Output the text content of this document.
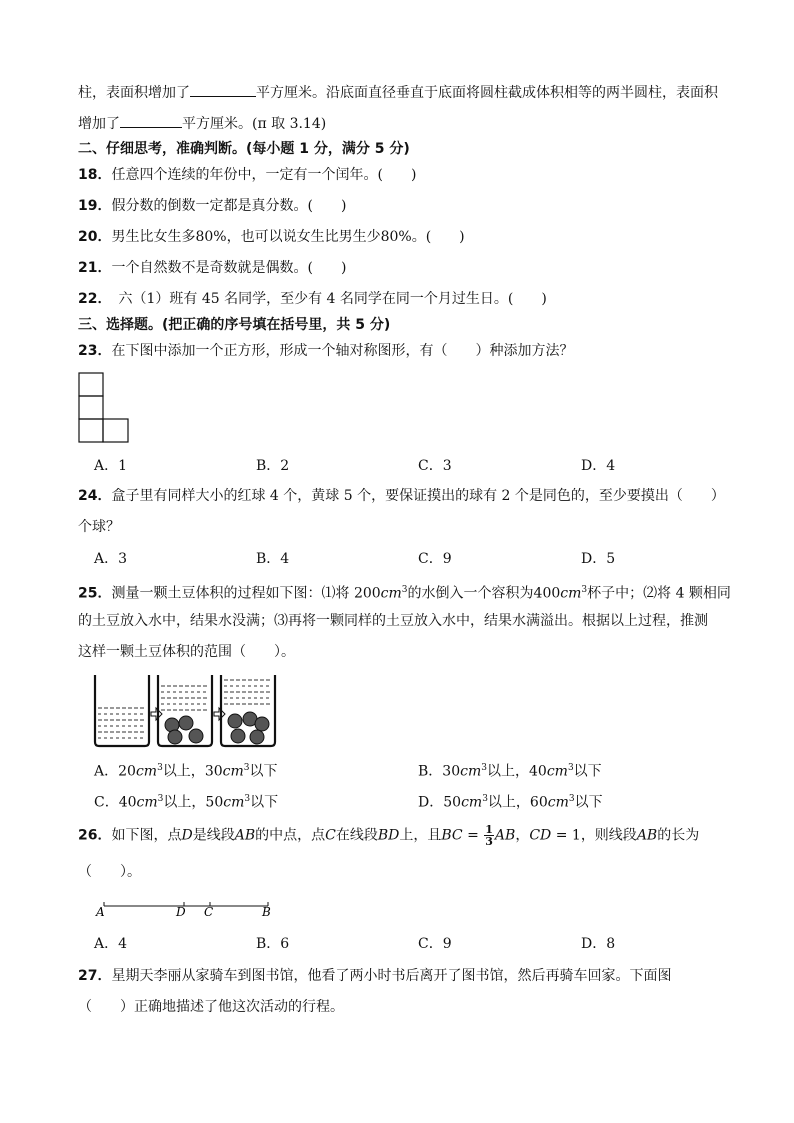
柱，表面积增加了	平方厘米。沿底面直径垂直于底面将圆柱截成体积相等的两半圆柱，表面积
增加了	平方厘米。(π 取 3.14)
二、仔细思考，准确判断。(每小题 1 分，满分 5 分)
18．任意四个连续的年份中，一定有一个闰年。(　　)
19．假分数的倒数一定都是真分数。(　　)
20．男生比女生多80%，也可以说女生比男生少80%。(　　)
21．一个自然数不是奇数就是偶数。(　　)
22．　六（1）班有 45 名同学，至少有 4 名同学在同一个月过生日。(　　)
三、选择题。(把正确的序号填在括号里，共 5 分)
23．在下图中添加一个正方形，形成一个轴对称图形，有（　　）种添加方法？
A．1	B．2	C．3	D．4
24．盒子里有同样大小的红球 4 个，黄球 5 个，要保证摸出的球有 2 个是同色的，至少要摸出（　　）
个球？
A．3	B．4	C．9	D．5
25．测量一颗土豆体积的过程如下图：⑴将 $200cm^3$的水倒入一个容积为$400cm^3$杯子中；⑵将 4 颗相同
的土豆放入水中，结果水没满；⑶再将一颗同样的土豆放入水中，结果水满溢出。根据以上过程，推测
这样一颗土豆体积的范围（　　）。
A．$20cm^3$以上，$30cm^3$以下	B．$30cm^3$以上，$40cm^3$以下
C．$40cm^3$以上，$50cm^3$以下	D．$50cm^3$以上，$60cm^3$以下
26．如下图，点D是线段AB的中点，点C在线段BD上，且BC = $\frac{1}{3}$ AB，CD = 1，则线段AB的长为
（　　）。
A	D C	B
A．4	B．6	C．9	D．8
27．星期天李丽从家骑车到图书馆，他看了两小时书后离开了图书馆，然后再骑车回家。下面图
（　　）正确地描述了他这次活动的行程。
